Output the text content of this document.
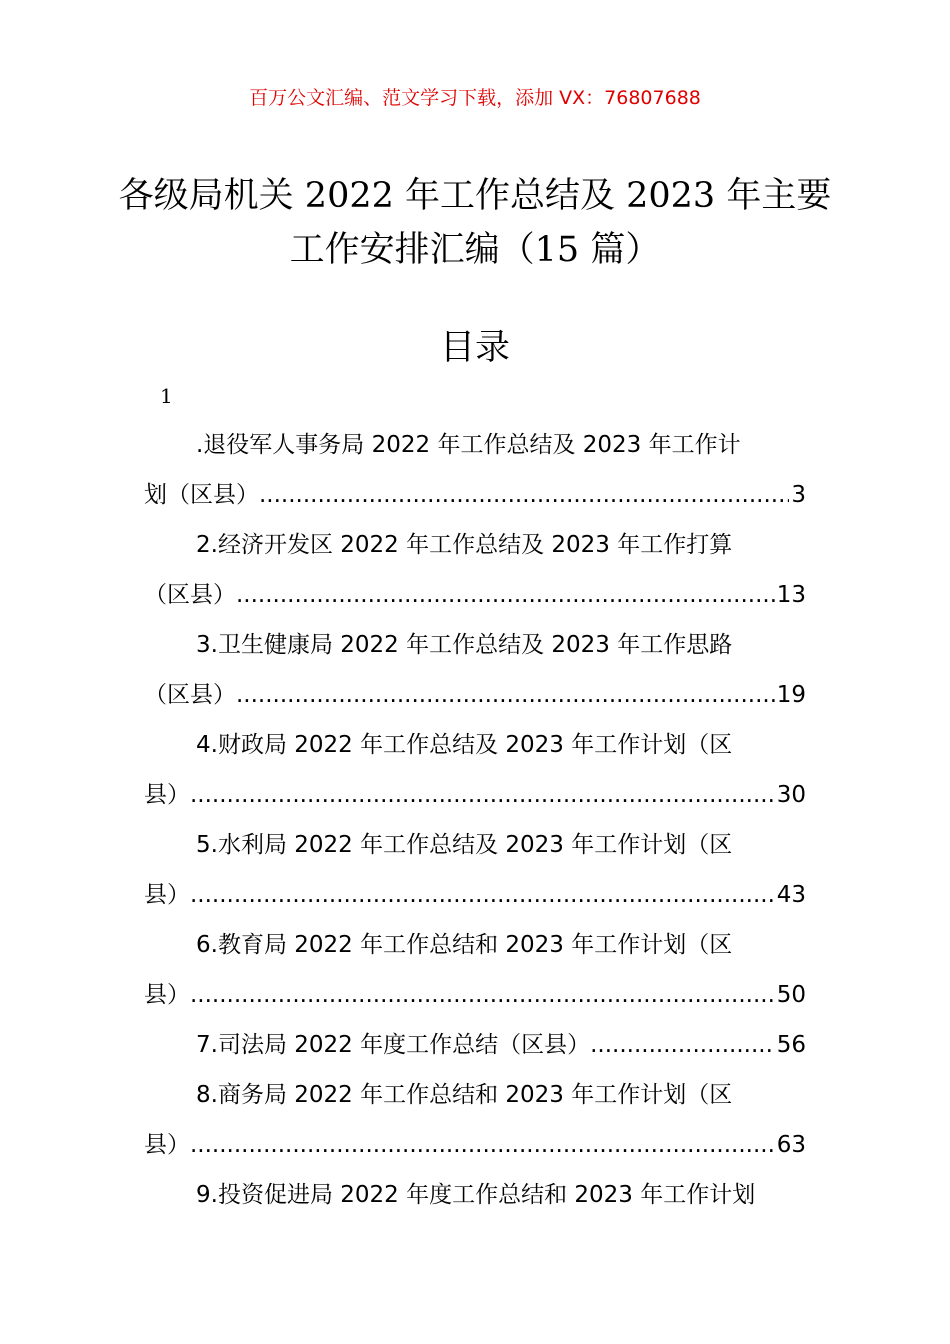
百万公文汇编、范文学习下载，添加 VX：76807688
各级局机关 2022 年工作总结及 2023 年主要
工作安排汇编（15 篇）
目录
1
.退役军人事务局 2022 年工作总结及 2023 年工作计
划（区县） .....	3
2.经济开发区 2022 年工作总结及 2023 年工作打算
（区县） .....	13
3.卫生健康局 2022 年工作总结及 2023 年工作思路
（区县） .....	19
4.财政局 2022 年工作总结及 2023 年工作计划（区
县） .....	30
5.水利局 2022 年工作总结及 2023 年工作计划（区
县） .....	43
6.教育局 2022 年工作总结和 2023 年工作计划（区
县） .....	50
7.司法局 2022 年度工作总结（区县） .....	56
8.商务局 2022 年工作总结和 2023 年工作计划（区
县） .....	63
9.投资促进局 2022 年度工作总结和 2023 年工作计划
